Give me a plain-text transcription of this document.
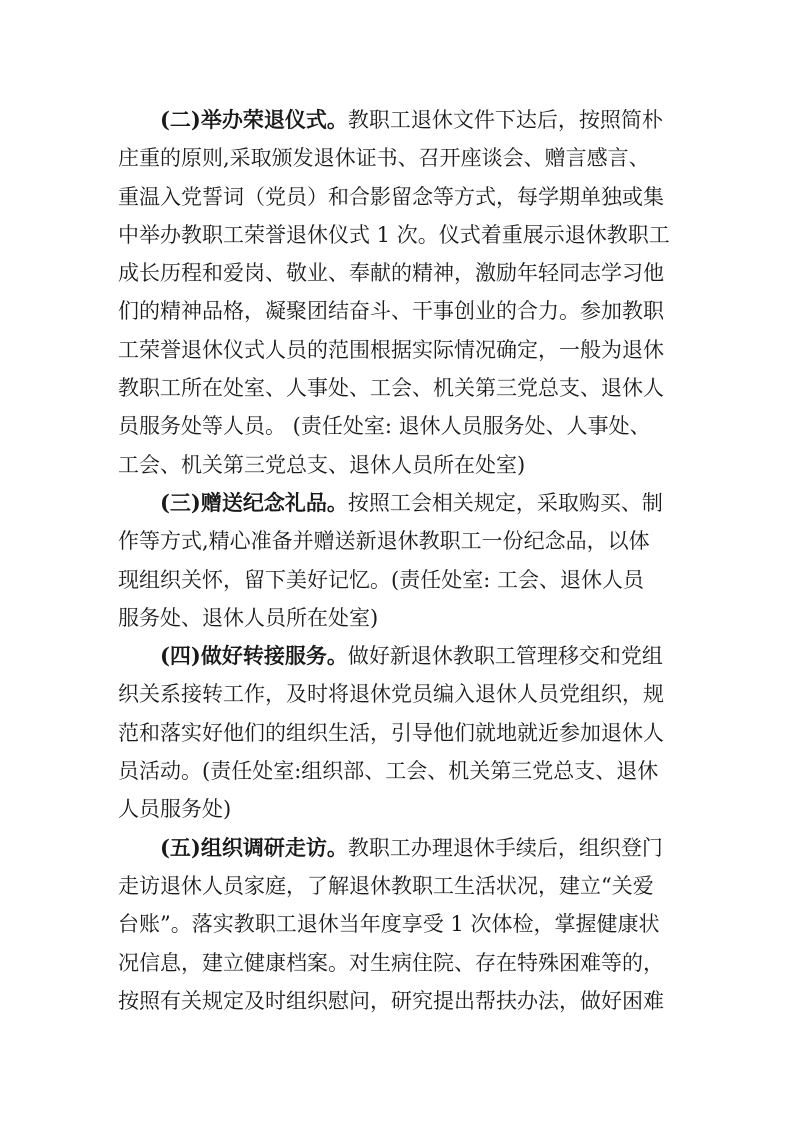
(二)举办荣退仪式。教职工退休文件下达后，按照简朴
庄重的原则,采取颁发退休证书、召开座谈会、赠言感言、
重温入党誓词（党员）和合影留念等方式，每学期单独或集
中举办教职工荣誉退休仪式 1 次。仪式着重展示退休教职工
成长历程和爱岗、敬业、奉献的精神，激励年轻同志学习他
们的精神品格，凝聚团结奋斗、干事创业的合力。参加教职
工荣誉退休仪式人员的范围根据实际情况确定，一般为退休
教职工所在处室、人事处、工会、机关第三党总支、退休人
员服务处等人员。 (责任处室: 退休人员服务处、人事处、
工会、机关第三党总支、退休人员所在处室)
(三)赠送纪念礼品。按照工会相关规定，采取购买、制
作等方式,精心准备并赠送新退休教职工一份纪念品，以体
现组织关怀，留下美好记忆。(责任处室: 工会、退休人员
服务处、退休人员所在处室)
(四)做好转接服务。做好新退休教职工管理移交和党组
织关系接转工作，及时将退休党员编入退休人员党组织，规
范和落实好他们的组织生活，引导他们就地就近参加退休人
员活动。(责任处室:组织部、工会、机关第三党总支、退休
人员服务处)
(五)组织调研走访。教职工办理退休手续后，组织登门
走访退休人员家庭，了解退休教职工生活状况，建立“关爱
台账”。落实教职工退休当年度享受 1 次体检，掌握健康状
况信息，建立健康档案。对生病住院、存在特殊困难等的，
按照有关规定及时组织慰问，研究提出帮扶办法，做好困难
